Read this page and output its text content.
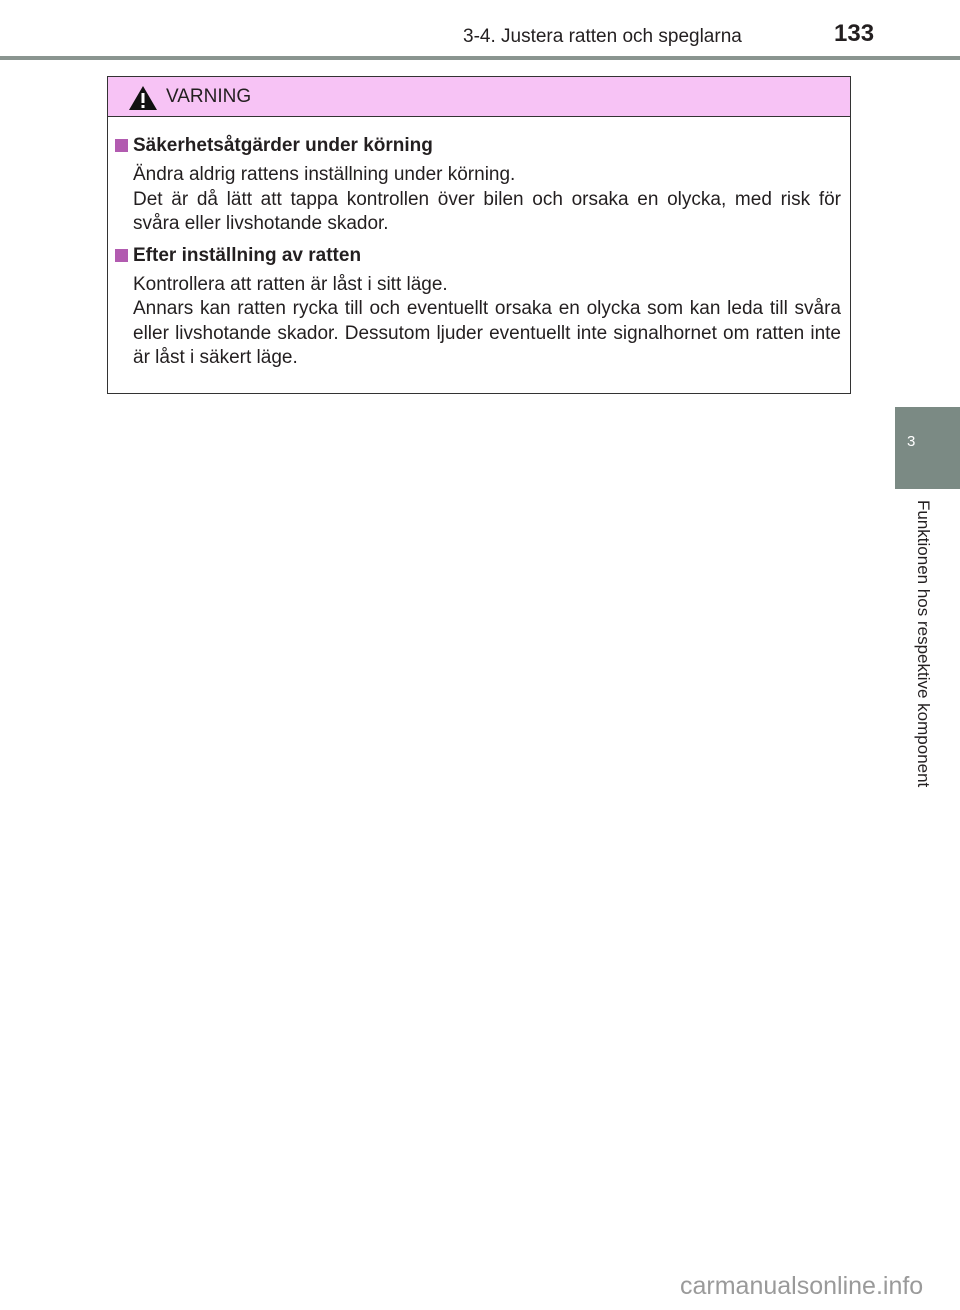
3-4. Justera ratten och speglarna	133
VARNING
Säkerhetsåtgärder under körning

Ändra aldrig rattens inställning under körning.

Det är då lätt att tappa kontrollen över bilen och orsaka en olycka, med risk för svåra eller livshotande skador.

Efter inställning av ratten

Kontrollera att ratten är låst i sitt läge.

Annars kan ratten rycka till och eventuellt orsaka en olycka som kan leda till svåra eller livshotande skador. Dessutom ljuder eventuellt inte signalhornet om ratten inte är låst i säkert läge.

3
Funktionen hos respektive komponent
carmanualsonline.info
